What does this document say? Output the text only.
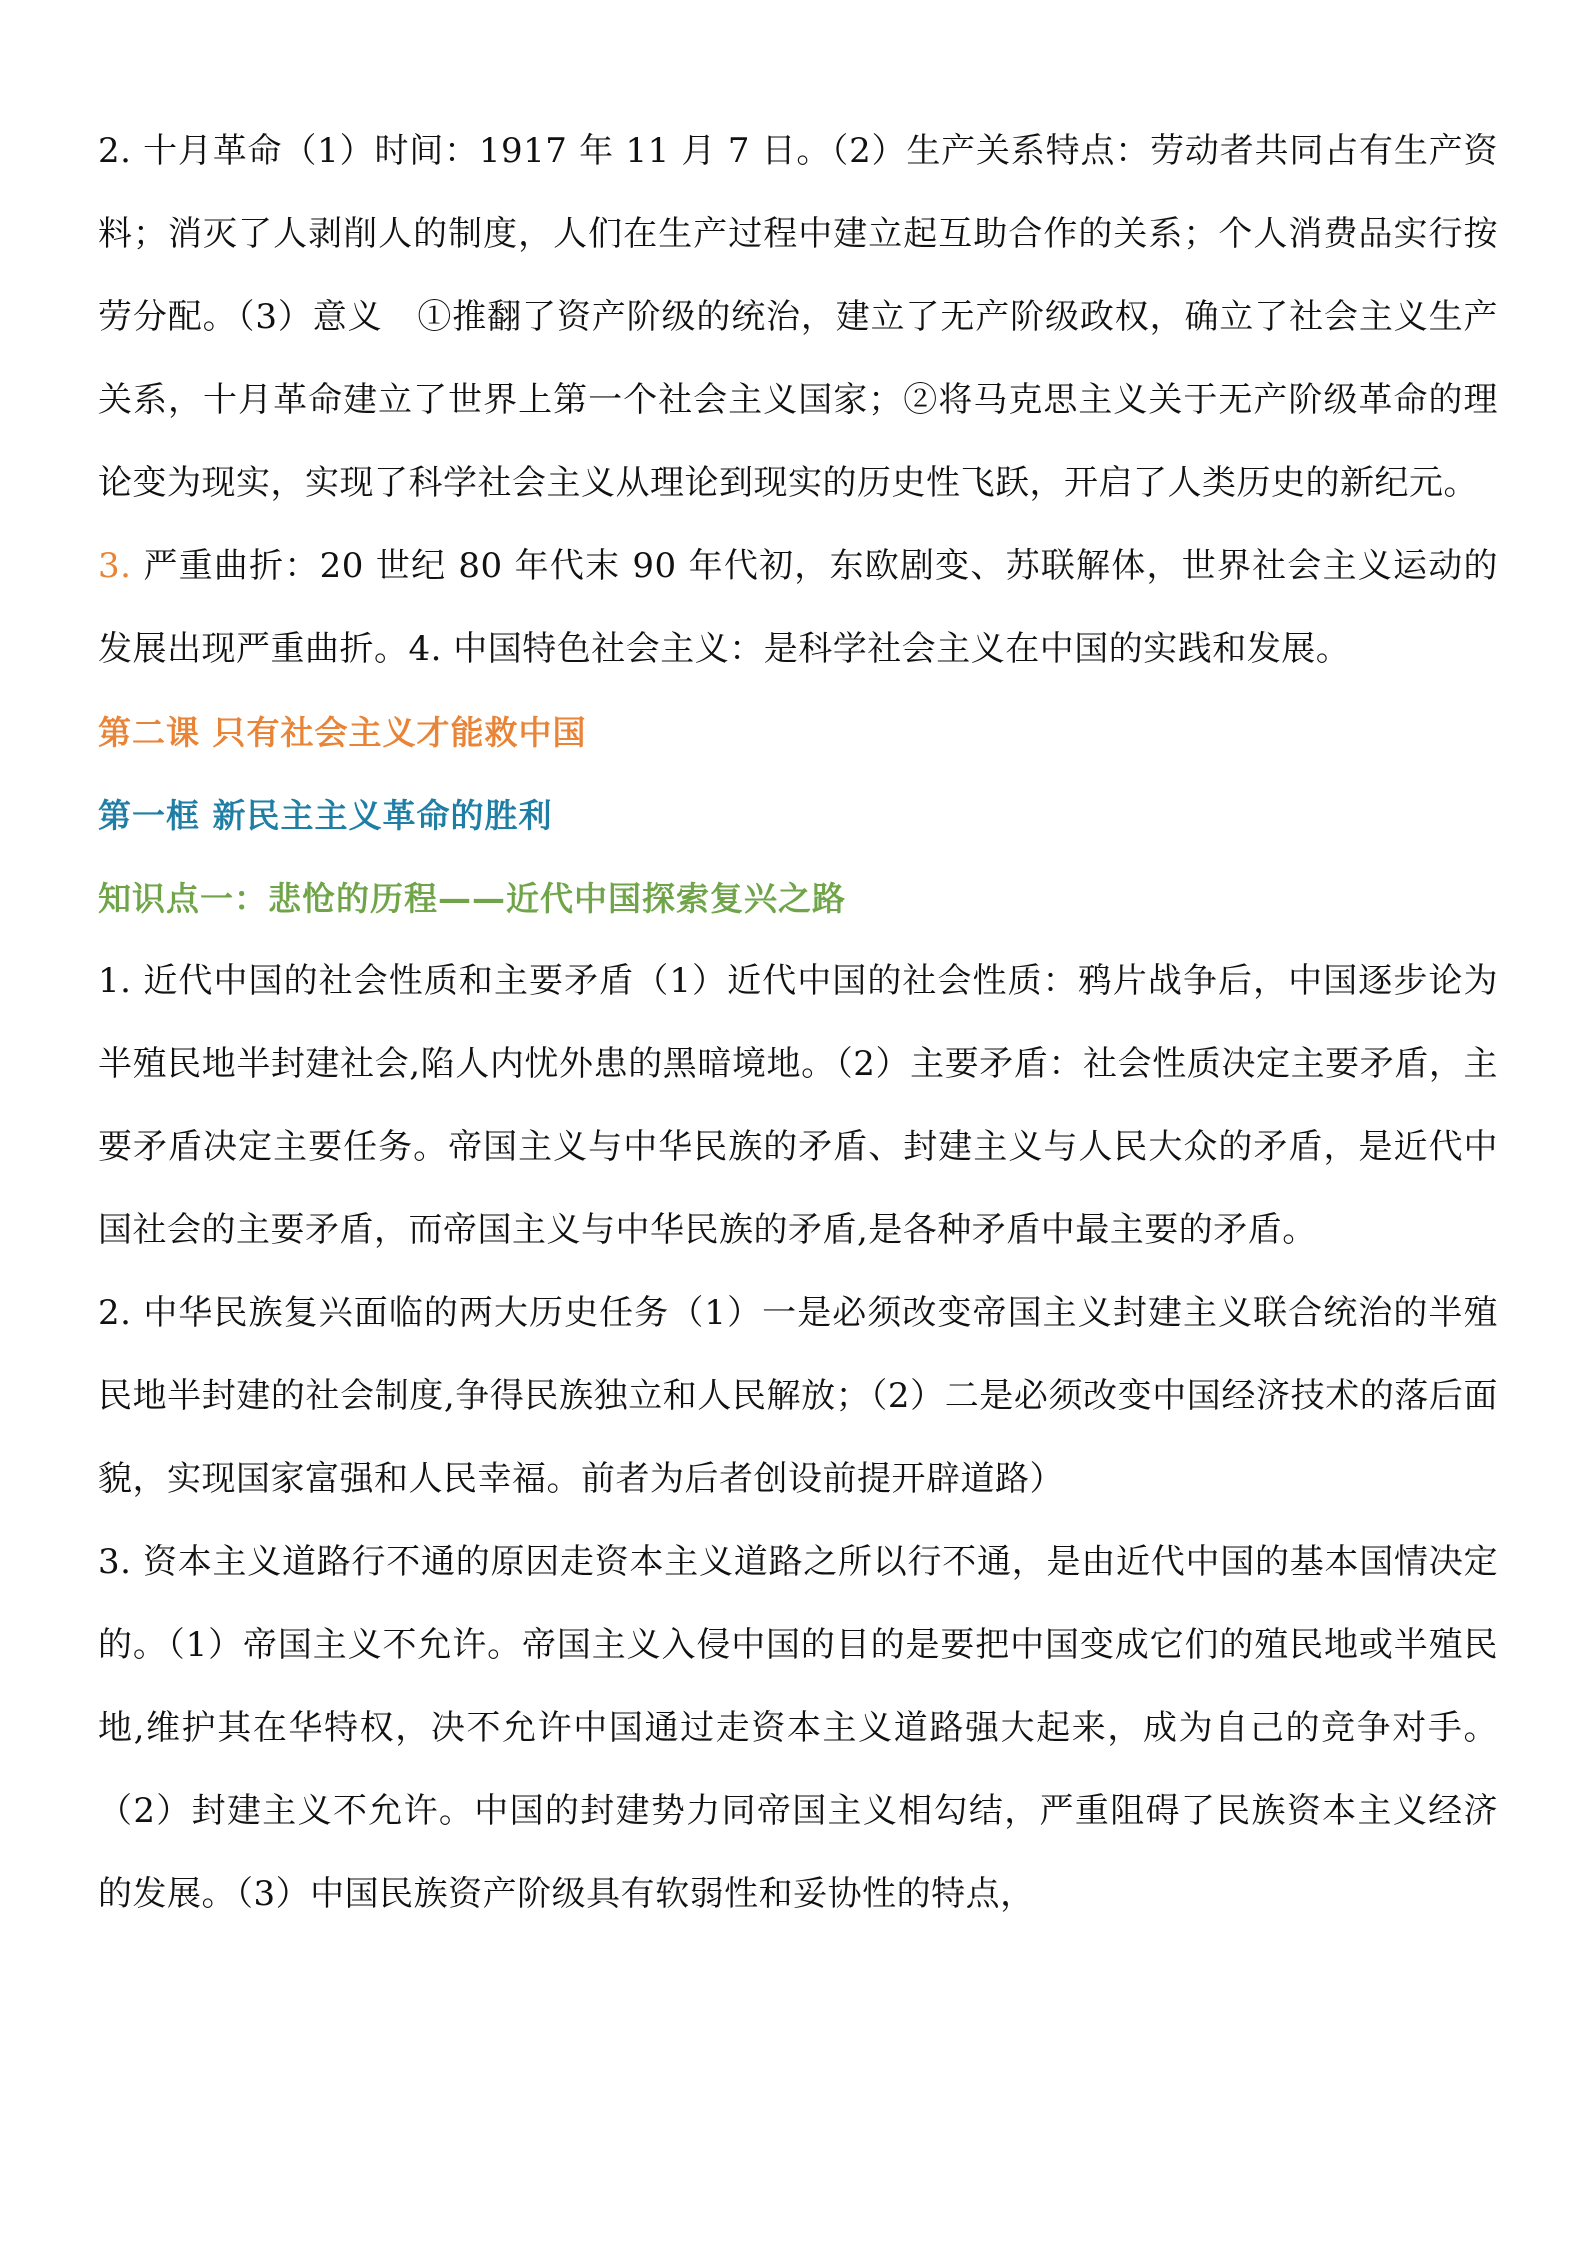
2. 十月革命（1）时间：1917 年 11 月 7 日。（2）生产关系特点：劳动者共同占有生产资料；消灭了人剥削人的制度，人们在生产过程中建立起互助合作的关系；个人消费品实行按劳分配。（3）意义　①推翻了资产阶级的统治，建立了无产阶级政权，确立了社会主义生产关系，十月革命建立了世界上第一个社会主义国家；②将马克思主义关于无产阶级革命的理论变为现实，实现了科学社会主义从理论到现实的历史性飞跃，开启了人类历史的新纪元。

3. 严重曲折：20 世纪 80 年代末 90 年代初，东欧剧变、苏联解体，世界社会主义运动的发展出现严重曲折。4. 中国特色社会主义：是科学社会主义在中国的实践和发展。

第二课 只有社会主义才能救中国
第一框 新民主主义革命的胜利
知识点一：悲怆的历程——近代中国探索复兴之路

1. 近代中国的社会性质和主要矛盾（1）近代中国的社会性质：鸦片战争后，中国逐步论为半殖民地半封建社会,陷人内忧外患的黑暗境地。（2）主要矛盾：社会性质决定主要矛盾，主要矛盾决定主要任务。帝国主义与中华民族的矛盾、封建主义与人民大众的矛盾，是近代中国社会的主要矛盾，而帝国主义与中华民族的矛盾,是各种矛盾中最主要的矛盾。

2. 中华民族复兴面临的两大历史任务（1）一是必须改变帝国主义封建主义联合统治的半殖民地半封建的社会制度,争得民族独立和人民解放；（2）二是必须改变中国经济技术的落后面貌，实现国家富强和人民幸福。前者为后者创设前提开辟道路）

3. 资本主义道路行不通的原因走资本主义道路之所以行不通，是由近代中国的基本国情决定的。（1）帝国主义不允许。帝国主义入侵中国的目的是要把中国变成它们的殖民地或半殖民地,维护其在华特权，决不允许中国通过走资本主义道路强大起来，成为自己的竞争对手。（2）封建主义不允许。中国的封建势力同帝国主义相勾结，严重阻碍了民族资本主义经济的发展。（3）中国民族资产阶级具有软弱性和妥协性的特点，
